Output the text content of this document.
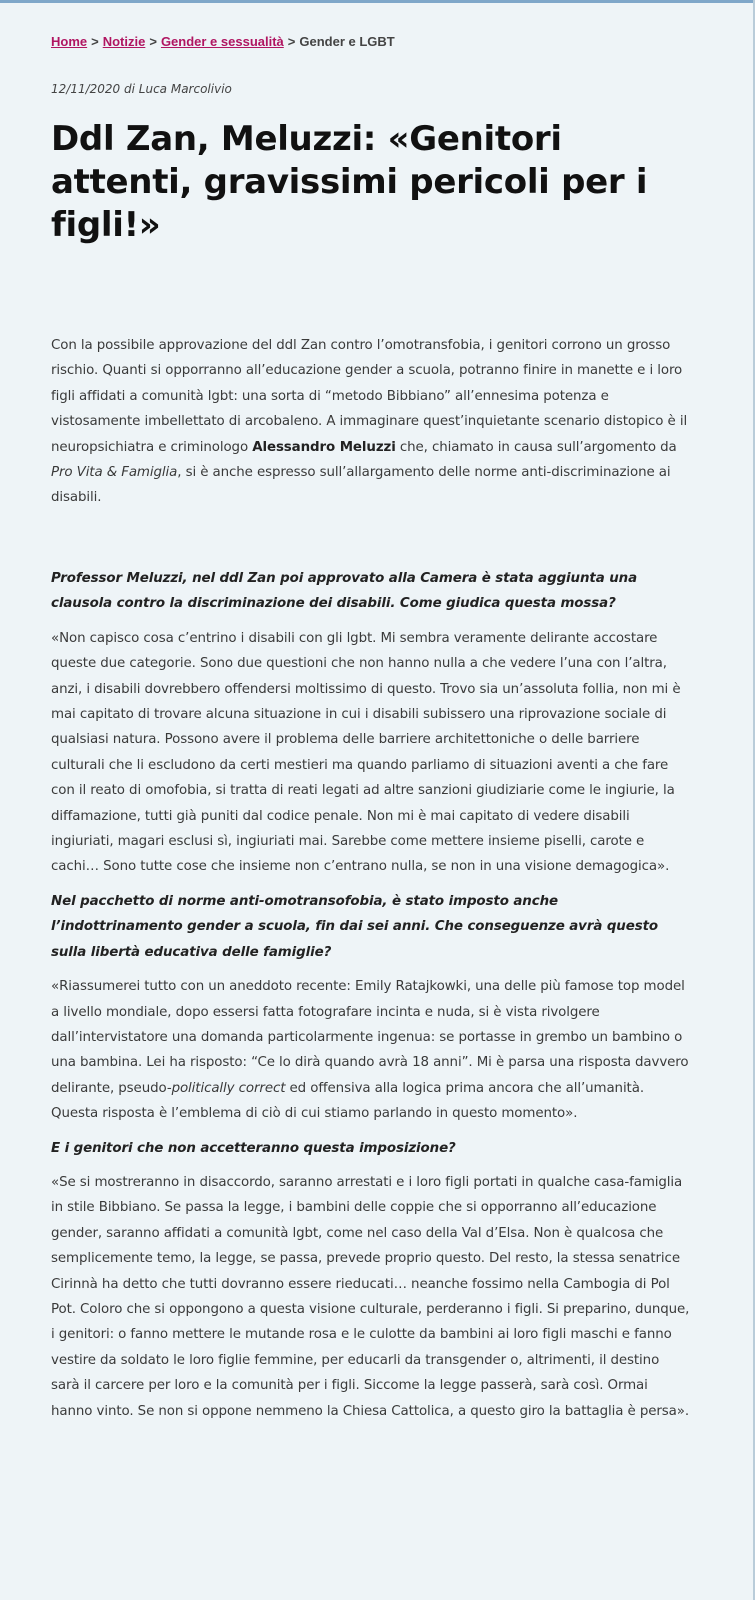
Home > Notizie > Gender e sessualità > Gender e LGBT
12/11/2020 di Luca Marcolivio
Ddl Zan, Meluzzi: «Genitori attenti, gravissimi pericoli per i figli!»

Con la possibile approvazione del ddl Zan contro l’omotransfobia, i genitori corrono un grosso rischio. Quanti si opporranno all’educazione gender a scuola, potranno finire in manette e i loro figli affidati a comunità lgbt: una sorta di “metodo Bibbiano” all’ennesima potenza e vistosamente imbellettato di arcobaleno. A immaginare quest’inquietante scenario distopico è il neuropsichiatra e criminologo Alessandro Meluzzi che, chiamato in causa sull’argomento da Pro Vita & Famiglia, si è anche espresso sull’allargamento delle norme anti-discriminazione ai disabili.

Professor Meluzzi, nel ddl Zan poi approvato alla Camera è stata aggiunta una clausola contro la discriminazione dei disabili. Come giudica questa mossa?

«Non capisco cosa c’entrino i disabili con gli lgbt. Mi sembra veramente delirante accostare queste due categorie. Sono due questioni che non hanno nulla a che vedere l’una con l’altra, anzi, i disabili dovrebbero offendersi moltissimo di questo. Trovo sia un’assoluta follia, non mi è mai capitato di trovare alcuna situazione in cui i disabili subissero una riprovazione sociale di qualsiasi natura. Possono avere il problema delle barriere architettoniche o delle barriere culturali che li escludono da certi mestieri ma quando parliamo di situazioni aventi a che fare con il reato di omofobia, si tratta di reati legati ad altre sanzioni giudiziarie come le ingiurie, la diffamazione, tutti già puniti dal codice penale. Non mi è mai capitato di vedere disabili ingiuriati, magari esclusi sì, ingiuriati mai. Sarebbe come mettere insieme piselli, carote e cachi… Sono tutte cose che insieme non c’entrano nulla, se non in una visione demagogica».

Nel pacchetto di norme anti-omotransofobia, è stato imposto anche l’indottrinamento gender a scuola, fin dai sei anni. Che conseguenze avrà questo sulla libertà educativa delle famiglie?

«Riassumerei tutto con un aneddoto recente: Emily Ratajkowki, una delle più famose top model a livello mondiale, dopo essersi fatta fotografare incinta e nuda, si è vista rivolgere dall’intervistatore una domanda particolarmente ingenua: se portasse in grembo un bambino o una bambina. Lei ha risposto: “Ce lo dirà quando avrà 18 anni”. Mi è parsa una risposta davvero delirante, pseudo-politically correct ed offensiva alla logica prima ancora che all’umanità. Questa risposta è l’emblema di ciò di cui stiamo parlando in questo momento».

E i genitori che non accetteranno questa imposizione?

«Se si mostreranno in disaccordo, saranno arrestati e i loro figli portati in qualche casa-famiglia in stile Bibbiano. Se passa la legge, i bambini delle coppie che si opporranno all’educazione gender, saranno affidati a comunità lgbt, come nel caso della Val d’Elsa. Non è qualcosa che semplicemente temo, la legge, se passa, prevede proprio questo. Del resto, la stessa senatrice Cirinnà ha detto che tutti dovranno essere rieducati… neanche fossimo nella Cambogia di Pol Pot. Coloro che si oppongono a questa visione culturale, perderanno i figli. Si preparino, dunque, i genitori: o fanno mettere le mutande rosa e le culotte da bambini ai loro figli maschi e fanno vestire da soldato le loro figlie femmine, per educarli da transgender o, altrimenti, il destino sarà il carcere per loro e la comunità per i figli. Siccome la legge passerà, sarà così. Ormai hanno vinto. Se non si oppone nemmeno la Chiesa Cattolica, a questo giro la battaglia è persa».
